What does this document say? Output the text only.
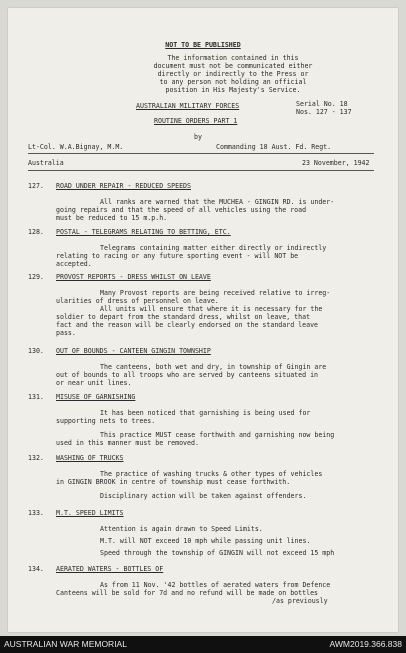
NOT TO BE PUBLISHED
The information contained in this
document must not be communicated either
directly or indirectly to the Press or
to any person not holding an official
position in His Majesty's Service.
AUSTRALIAN MILITARY FORCES	Serial No. 18
Nos. 127 - 137
ROUTINE ORDERS PART 1
by
Lt-Col. W.A.Bignay, M.M.	Commanding 18 Aust. Fd. Regt.
Australia	23 November, 1942
127. ROAD UNDER REPAIR - REDUCED SPEEDS
All ranks are warned that the MUCHEA - GINGIN RD. is under-
going repairs and that the speed of all vehicles using the road
must be reduced to 15 m.p.h.
128. POSTAL - TELEGRAMS RELATING TO BETTING, ETC.
Telegrams containing matter either directly or indirectly
relating to racing or any future sporting event - will NOT be
accepted.
129. PROVOST REPORTS - DRESS WHILST ON LEAVE
Many Provost reports are being received relative to irreg-
ularities of dress of personnel on leave.
All units will ensure that where it is necessary for the
soldier to depart from the standard dress, whilst on leave, that
fact and the reason will be clearly endorsed on the standard leave
pass.
130. OUT OF BOUNDS - CANTEEN GINGIN TOWNSHIP
The canteens, both wet and dry, in township of Gingin are
out of bounds to all troops who are served by canteens situated in
or near unit lines.
131. MISUSE OF GARNISHING
It has been noticed that garnishing is being used for
supporting nets to trees.
This practice MUST cease forthwith and garnishing now being
used in this manner must be removed.
132. WASHING OF TRUCKS
The practice of washing trucks & other types of vehicles
in GINGIN BROOK in centre of township must cease forthwith.
Disciplinary action will be taken against offenders.
133. M.T. SPEED LIMITS
Attention is again drawn to Speed Limits.
M.T. will NOT exceed 10 mph while passing unit lines.
Speed through the township of GINGIN will not exceed 15 mph
134. AERATED WATERS - BOTTLES OF
As from 11 Nov. '42 bottles of aerated waters from Defence
Canteens will be sold for 7d and no refund will be made on bottles
/as previously
AUSTRALIAN WAR MEMORIAL	AWM2019.366.838
